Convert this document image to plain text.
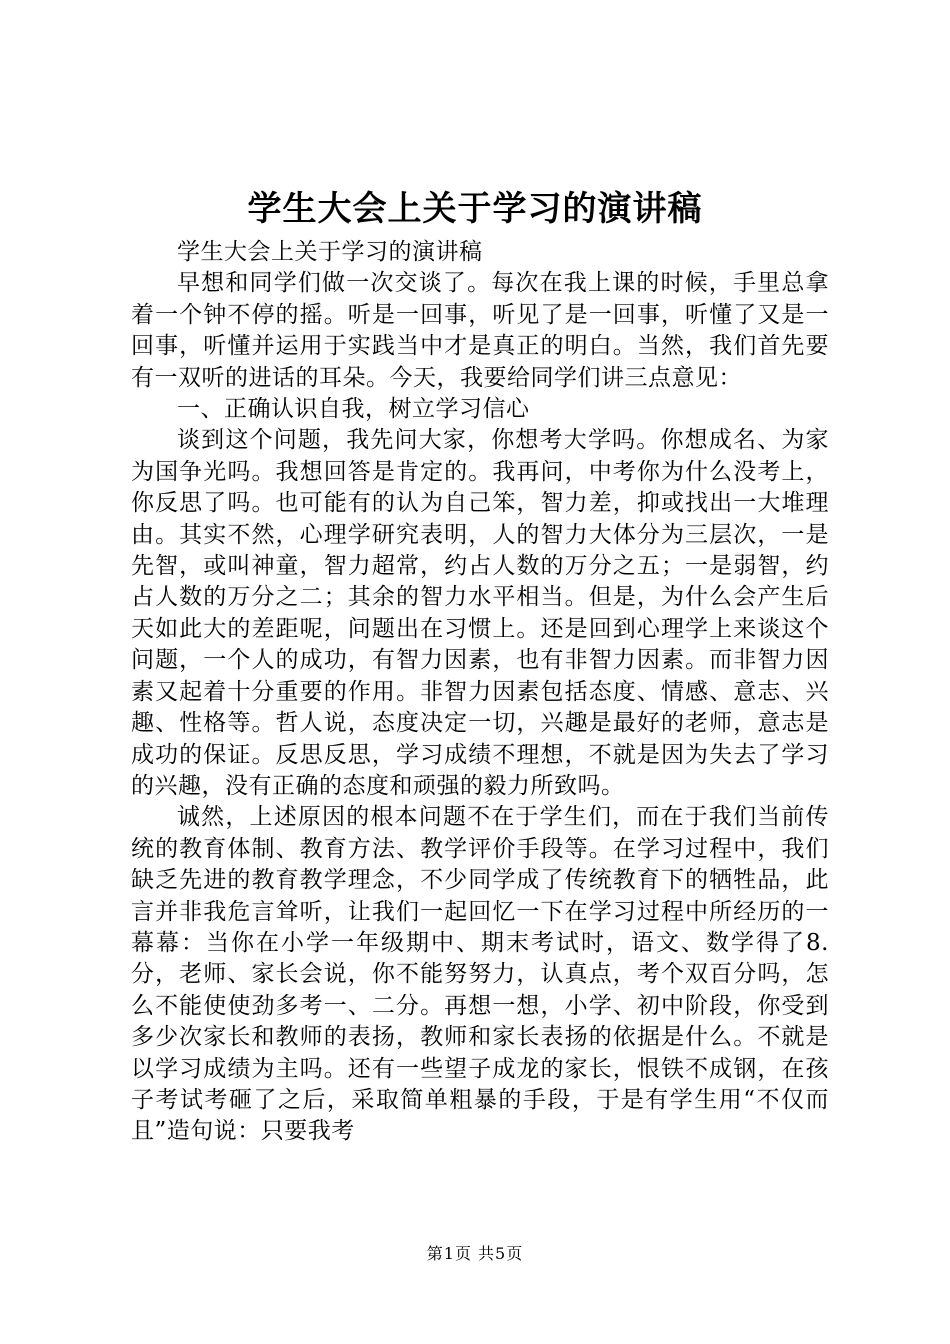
学生大会上关于学习的演讲稿

学生大会上关于学习的演讲稿

早想和同学们做一次交谈了。每次在我上课的时候，手里总拿着一个钟不停的摇。听是一回事，听见了是一回事，听懂了又是一回事，听懂并运用于实践当中才是真正的明白。当然，我们首先要有一双听的进话的耳朵。今天，我要给同学们讲三点意见：

一、正确认识自我，树立学习信心

谈到这个问题，我先问大家，你想考大学吗。你想成名、为家为国争光吗。我想回答是肯定的。我再问，中考你为什么没考上，你反思了吗。也可能有的认为自己笨，智力差，抑或找出一大堆理由。其实不然，心理学研究表明，人的智力大体分为三层次，一是先智，或叫神童，智力超常，约占人数的万分之五；一是弱智，约占人数的万分之二；其余的智力水平相当。但是，为什么会产生后天如此大的差距呢，问题出在习惯上。还是回到心理学上来谈这个问题，一个人的成功，有智力因素，也有非智力因素。而非智力因素又起着十分重要的作用。非智力因素包括态度、情感、意志、兴趣、性格等。哲人说，态度决定一切，兴趣是最好的老师，意志是成功的保证。反思反思，学习成绩不理想，不就是因为失去了学习的兴趣，没有正确的态度和顽强的毅力所致吗。

诚然，上述原因的根本问题不在于学生们，而在于我们当前传统的教育体制、教育方法、教学评价手段等。在学习过程中，我们缺乏先进的教育教学理念，不少同学成了传统教育下的牺牲品，此言并非我危言耸听，让我们一起回忆一下在学习过程中所经历的一幕幕：当你在小学一年级期中、期末考试时，语文、数学得了8.分，老师、家长会说，你不能努努力，认真点，考个双百分吗，怎么不能使使劲多考一、二分。再想一想，小学、初中阶段，你受到多少次家长和教师的表扬，教师和家长表扬的依据是什么。不就是以学习成绩为主吗。还有一些望子成龙的家长，恨铁不成钢，在孩子考试考砸了之后，采取简单粗暴的手段，于是有学生用“不仅而且”造句说：只要我考

第1页 共5页
